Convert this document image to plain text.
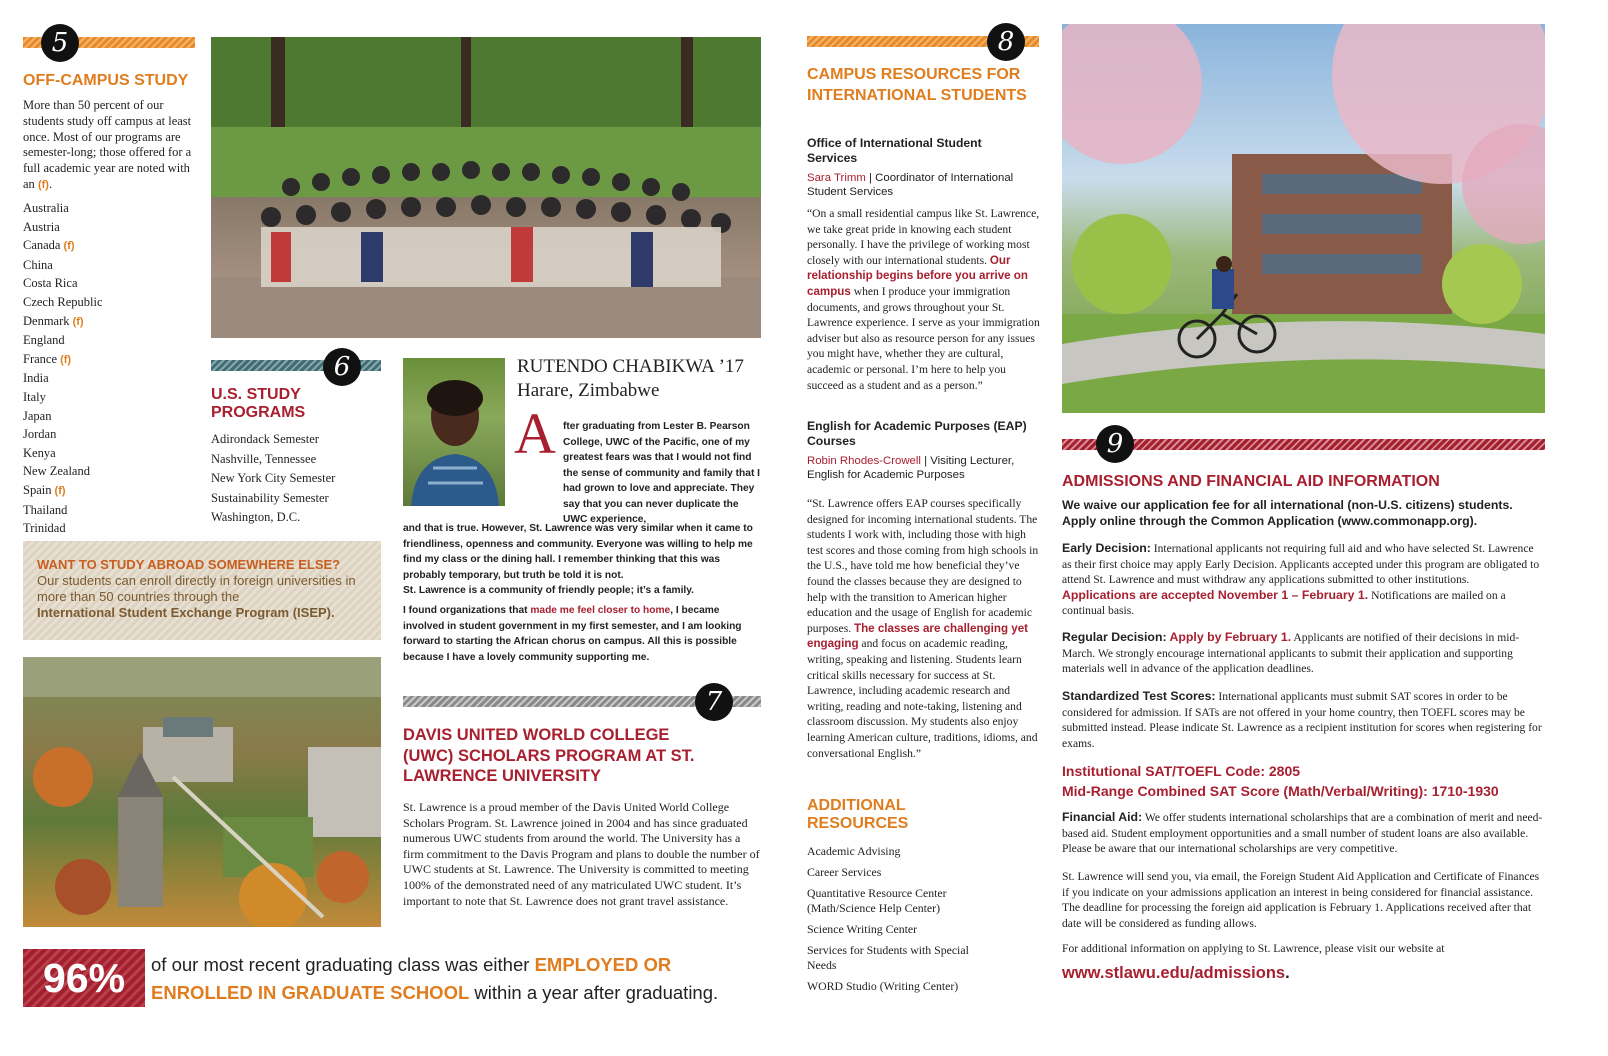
5
OFF-CAMPUS STUDY

More than 50 percent of our students study off campus at least once. Most of our programs are semester-long; those offered for a full academic year are noted with an (f).

Australia
Austria
Canada (f)
China
Costa Rica
Czech Republic
Denmark (f)
England
France (f)
India
Italy
Japan
Jordan
Kenya
New Zealand
Spain (f)
Thailand
Trinidad
6
U.S. STUDY PROGRAMS
Adirondack Semester
Nashville, Tennessee
New York City Semester
Sustainability Semester
Washington, D.C.
RUTENDO CHABIKWA ’17
Harare, Zimbabwe
A fter graduating from Lester B. Pearson College, UWC of the Pacific, one of my greatest fears was that I would not find the sense of community and family that I had grown to love and appreciate. They say that you can never duplicate the UWC experience,

and that is true. However, St. Lawrence was very similar when it came to friendliness, openness and community. Everyone was willing to help me find my class or the dining hall. I remember thinking that this was probably temporary, but truth be told it is not.
St. Lawrence is a community of friendly people; it’s a family.

I found organizations that made me feel closer to home, I became involved in student government in my first semester, and I am looking forward to starting the African chorus on campus. All this is possible because I have a lovely community supporting me.

WANT TO STUDY ABROAD SOMEWHERE ELSE?
Our students can enroll directly in foreign universities in more than 50 countries through the
International Student Exchange Program (ISEP).
7
DAVIS UNITED WORLD COLLEGE (UWC) SCHOLARS PROGRAM AT ST. LAWRENCE UNIVERSITY

St. Lawrence is a proud member of the Davis United World College Scholars Program. St. Lawrence joined in 2004 and has since graduated numerous UWC students from around the world. The University has a firm commitment to the Davis Program and plans to double the number of UWC students at St. Lawrence. The University is committed to meeting 100% of the demonstrated need of any matriculated UWC student. It’s important to note that St. Lawrence does not grant travel assistance.

96%	of our most recent graduating class was either EMPLOYED OR
ENROLLED IN GRADUATE SCHOOL within a year after graduating.

8
CAMPUS RESOURCES FOR INTERNATIONAL STUDENTS
Office of International Student Services
Sara Trimm | Coordinator of International Student Services

“On a small residential campus like St. Lawrence, we take great pride in knowing each student personally. I have the privilege of working most closely with our international students. Our relationship begins before you arrive on campus when I produce your immigration documents, and grows throughout your St. Lawrence experience. I serve as your immigration adviser but also as resource person for any issues you might have, whether they are cultural, academic or personal. I’m here to help you succeed as a student and as a person.”

English for Academic Purposes (EAP) Courses
Robin Rhodes-Crowell | Visiting Lecturer, English for Academic Purposes

“St. Lawrence offers EAP courses specifically designed for incoming international students. The students I work with, including those with high test scores and those coming from high schools in the U.S., have told me how beneficial they’ve found the classes because they are designed to help with the transition to American higher education and the usage of English for academic purposes. The classes are challenging yet engaging and focus on academic reading, writing, speaking and listening. Students learn critical skills necessary for success at St. Lawrence, including academic research and writing, reading and note-taking, listening and classroom discussion. My students also enjoy learning American culture, traditions, idioms, and conversational English.”

ADDITIONAL RESOURCES
Academic Advising
Career Services
Quantitative Resource Center (Math/Science Help Center)
Science Writing Center
Services for Students with Special Needs
WORD Studio (Writing Center)
9
ADMISSIONS AND FINANCIAL AID INFORMATION

We waive our application fee for all international (non-U.S. citizens) students. Apply online through the Common Application (www.commonapp.org).

Early Decision: International applicants not requiring full aid and who have selected St. Lawrence as their first choice may apply Early Decision. Applicants accepted under this program are obligated to attend St. Lawrence and must withdraw any applications submitted to other institutions. Applications are accepted November 1 – February 1. Notifications are mailed on a continual basis.

Regular Decision: Apply by February 1. Applicants are notified of their decisions in mid-March. We strongly encourage international applicants to submit their application and supporting materials well in advance of the application deadlines.

Standardized Test Scores: International applicants must submit SAT scores in order to be considered for admission. If SATs are not offered in your home country, then TOEFL scores may be submitted instead. Please indicate St. Lawrence as a recipient institution for scores when registering for exams.

Institutional SAT/TOEFL Code: 2805
Mid-Range Combined SAT Score (Math/Verbal/Writing): 1710-1930

Financial Aid: We offer students international scholarships that are a combination of merit and need-based aid. Student employment opportunities and a small number of student loans are also available. Please be aware that our international scholarships are very competitive.

St. Lawrence will send you, via email, the Foreign Student Aid Application and Certificate of Finances if you indicate on your admissions application an interest in being considered for financial assistance. The deadline for processing the foreign aid application is February 1. Applications received after that date will be considered as funding allows.

For additional information on applying to St. Lawrence, please visit our website at

www.stlawu.edu/admissions.
